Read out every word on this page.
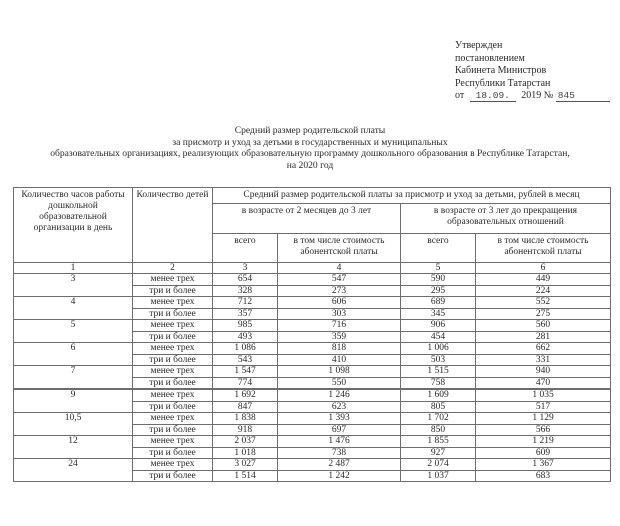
Утвержден
постановлением
Кабинета Министров
Республики Татарстан
от 18.09. 2019 № 845
Средний размер родительской платы
за присмотр и уход за детьми в государственных и муниципальных
образовательных организациях, реализующих образовательную программу дошкольного образования в Республике Татарстан,
на 2020 год
Количество часов работы дошкольной образовательной организации в день	Количество детей	Средний размер родительской платы за присмотр и уход за детьми, рублей в месяц			
		в возрасте от 2 месяцев до 3 лет		в возрасте от 3 лет до прекращения образовательных отношений	
		всего	в том числе стоимость абонентской платы	всего	в том числе стоимость абонентской платы
1	2	3	4	5	6
3	менее трех	654	547	590	449
	три и более	328	273	295	224
4	менее трех	712	606	689	552
	три и более	357	303	345	275
5	менее трех	985	716	906	560
	три и более	493	359	454	281
6	менее трех	1 086	818	1 006	662
	три и более	543	410	503	331
7	менее трех	1 547	1 098	1 515	940
	три и более	774	550	758	470
9	менее трех	1 692	1 246	1 609	1 035
	три и более	847	623	805	517
10,5	менее трех	1 838	1 393	1 702	1 129
	три и более	918	697	850	566
12	менее трех	2 037	1 476	1 855	1 219
	три и более	1 018	738	927	609
24	менее трех	3 027	2 487	2 074	1 367
	три и более	1 514	1 242	1 037	683
